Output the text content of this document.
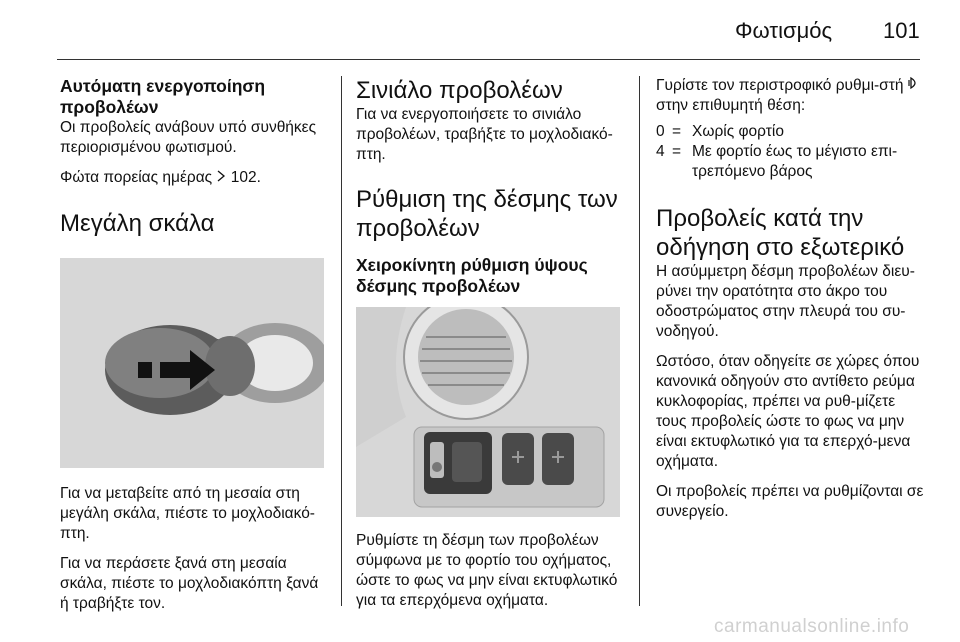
Φωτισμός 101

Αυτόματη ενεργοποίηση προβολέων

Οι προβολείς ανάβουν υπό συνθήκες περιορισμένου φωτισμού.

Φώτα πορείας ημέρας 102.

Μεγάλη σκάλα

Για να μεταβείτε από τη μεσαία στη μεγάλη σκάλα, πιέστε το μοχλοδιακό-πτη.

Για να περάσετε ξανά στη μεσαία σκάλα, πιέστε το μοχλοδιακόπτη ξανά ή τραβήξτε τον.

Σινιάλο προβολέων

Για να ενεργοποιήσετε το σινιάλο προβολέων, τραβήξτε το μοχλοδιακό-πτη.

Ρύθμιση της δέσμης των προβολέων

Χειροκίνητη ρύθμιση ύψους δέσμης προβολέων

Ρυθμίστε τη δέσμη των προβολέων σύμφωνα με το φορτίο του οχήματος, ώστε το φως να μην είναι εκτυφλωτικό για τα επερχόμενα οχήματα.

Γυρίστε τον περιστροφικό ρυθμι-στή  στην επιθυμητή θέση:

0 = Χωρίς φορτίο
4 = Με φορτίο έως το μέγιστο επι-τρεπόμενο βάρος

Προβολείς κατά την οδήγηση στο εξωτερικό

Η ασύμμετρη δέσμη προβολέων διευ-ρύνει την ορατότητα στο άκρο του οδοστρώματος στην πλευρά του συ-νοδηγού.

Ωστόσο, όταν οδηγείτε σε χώρες όπου κανονικά οδηγούν στο αντίθετο ρεύμα κυκλοφορίας, πρέπει να ρυθ-μίζετε τους προβολείς ώστε το φως να μην είναι εκτυφλωτικό για τα επερχό-μενα οχήματα.

Οι προβολείς πρέπει να ρυθμίζονται σε συνεργείο.

carmanualsonline.info
